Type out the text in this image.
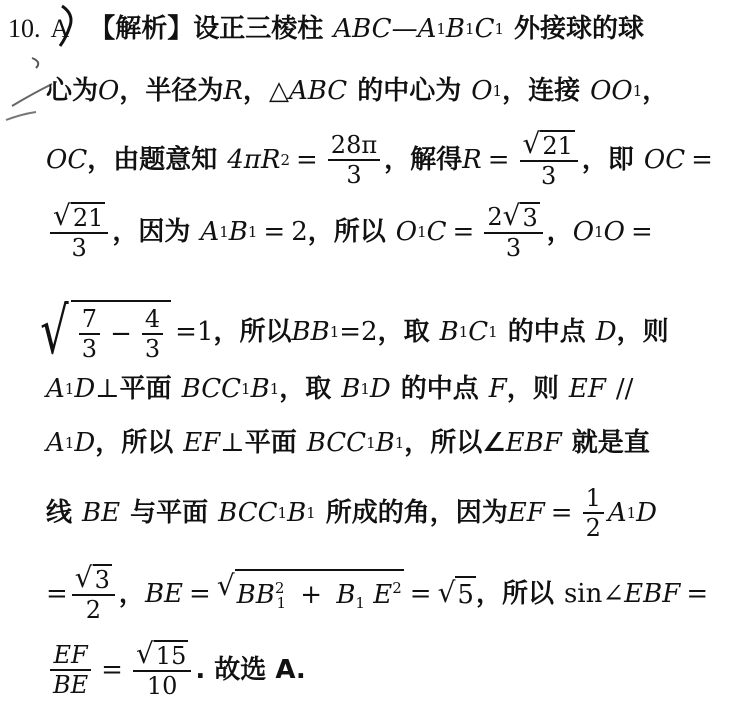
10. A 【解析】 设正三棱柱 ABC — A 1 B 1 C 1 外接球的球
心为 O ，半径为 R ，△ ABC 的中心为 O 1 ，连接 OO 1 ，
OC ，由题意知 4πR $2 = \frac{28\pi}{3}$ ，解得 $R = \frac{√ 21}{3}$ ，即 OC =
$\frac{√ 21}{3}$ ，因为 A 1 B 1 = 2 ，所以 O 1 $C = \frac{2 √ 3}{3}$ ， O 1 O =
√ $\frac{7}{3} - \frac{4}{3} =1$ ，所以 BB 1 =2 ，取 B 1 C 1 的中点 D ，则
A 1 D ⊥ 平面 BCC 1 B 1 ，取 B 1 D 的中点 F ，则 EF //
A 1 D ，所以 EF ⊥ 平面 BCC 1 B 1 ，所以∠ EBF 就是直
线 BE 与平面 BCC 1 B 1 所成的角，因为 EF = $\frac{1}{2}$ A 1 D
= $\frac{√ 3}{2}$ ， BE = √ $BB^2_1 + B_1$ $E^2$ = √ 5 ，所以 sin∠ EBF =
$\frac{EF}{BE} = \frac{√ 15}{10}$ . 故选 A.
